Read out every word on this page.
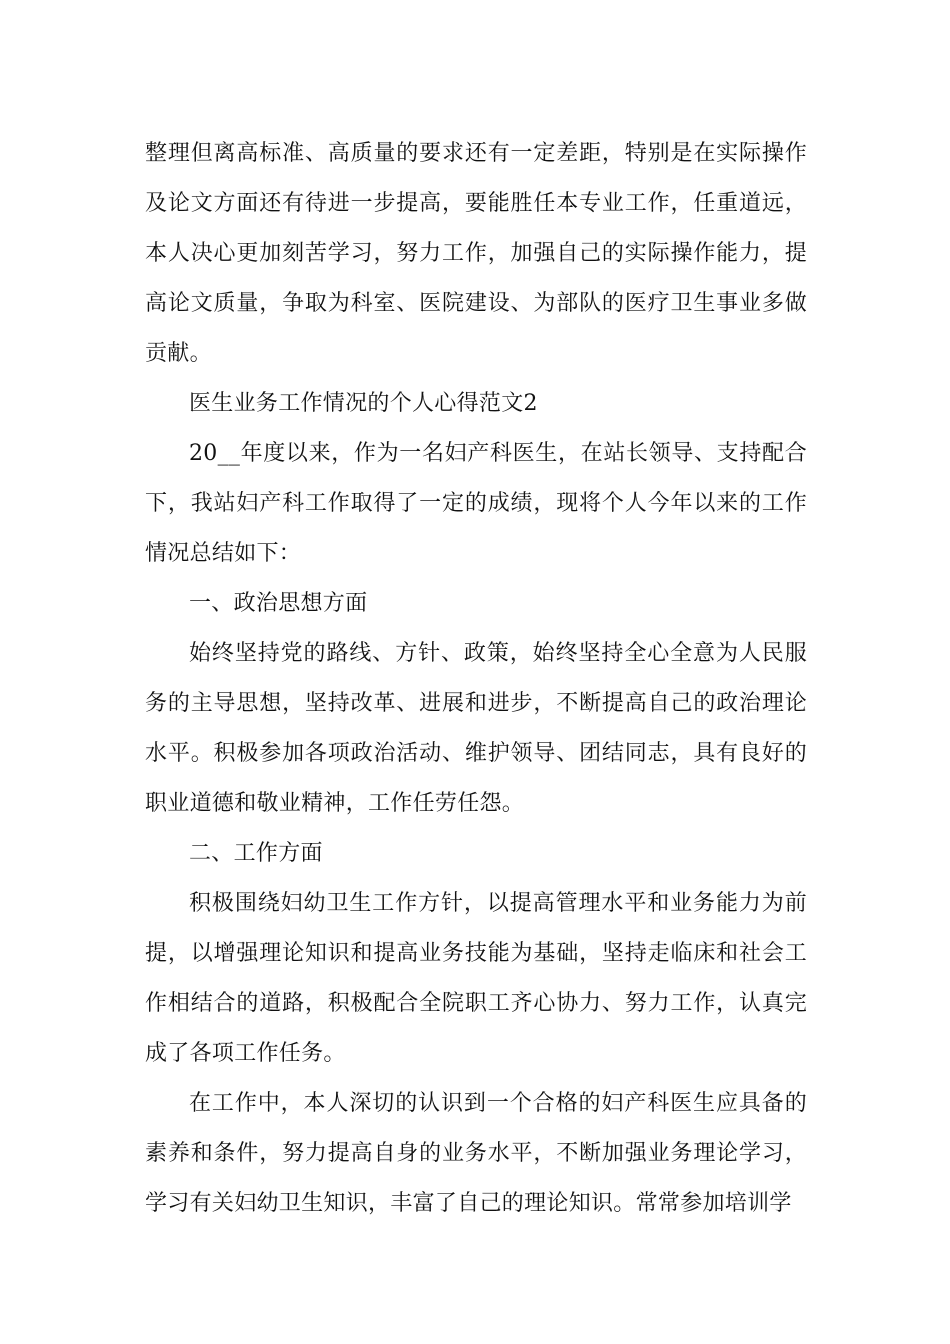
整理但离高标准、高质量的要求还有一定差距，特别是在实际操作及论文方面还有待进一步提高，要能胜任本专业工作，任重道远，本人决心更加刻苦学习，努力工作，加强自己的实际操作能力，提高论文质量，争取为科室、医院建设、为部队的医疗卫生事业多做贡献。

医生业务工作情况的个人心得范文2

20__年度以来，作为一名妇产科医生，在站长领导、支持配合下，我站妇产科工作取得了一定的成绩，现将个人今年以来的工作情况总结如下：

一、政治思想方面

始终坚持党的路线、方针、政策，始终坚持全心全意为人民服务的主导思想，坚持改革、进展和进步，不断提高自己的政治理论水平。积极参加各项政治活动、维护领导、团结同志，具有良好的职业道德和敬业精神，工作任劳任怨。

二、工作方面

积极围绕妇幼卫生工作方针，以提高管理水平和业务能力为前提，以增强理论知识和提高业务技能为基础，坚持走临床和社会工作相结合的道路，积极配合全院职工齐心协力、努力工作，认真完成了各项工作任务。

在工作中，本人深切的认识到一个合格的妇产科医生应具备的素养和条件，努力提高自身的业务水平，不断加强业务理论学习，学习有关妇幼卫生知识，丰富了自己的理论知识。常常参加培训学
